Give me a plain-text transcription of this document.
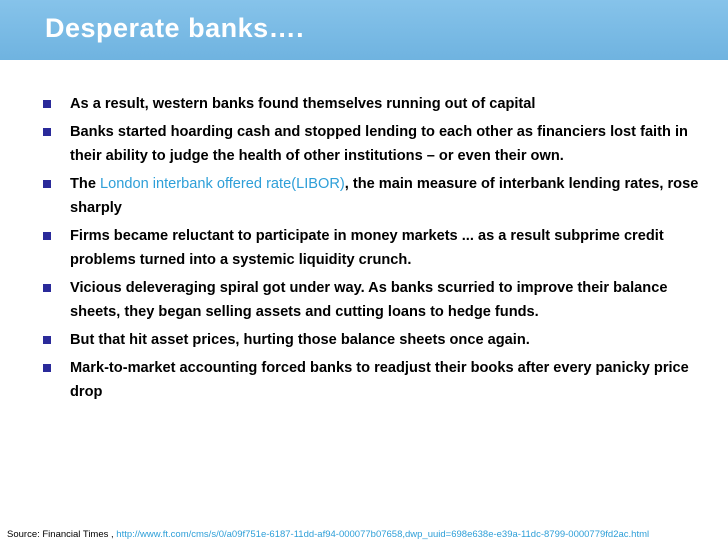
Desperate banks….
As a result, western banks found themselves running out of capital
Banks started hoarding cash and stopped lending to each other as financiers lost faith in their ability to judge the health of other institutions – or even their own.
The London interbank offered rate(LIBOR), the main measure of interbank lending rates, rose sharply
Firms became reluctant to participate in money markets ... as a result subprime credit problems turned into a systemic liquidity crunch.
Vicious deleveraging spiral got under way. As banks scurried to improve their balance sheets, they began selling assets and cutting loans to hedge funds.
But that hit asset prices, hurting those balance sheets once again.
Mark-to-market accounting forced banks to readjust their books after every panicky price drop
Source: Financial Times , http://www.ft.com/cms/s/0/a09f751e-6187-11dd-af94-000077b07658,dwp_uuid=698e638e-e39a-11dc-8799-0000779fd2ac.html
